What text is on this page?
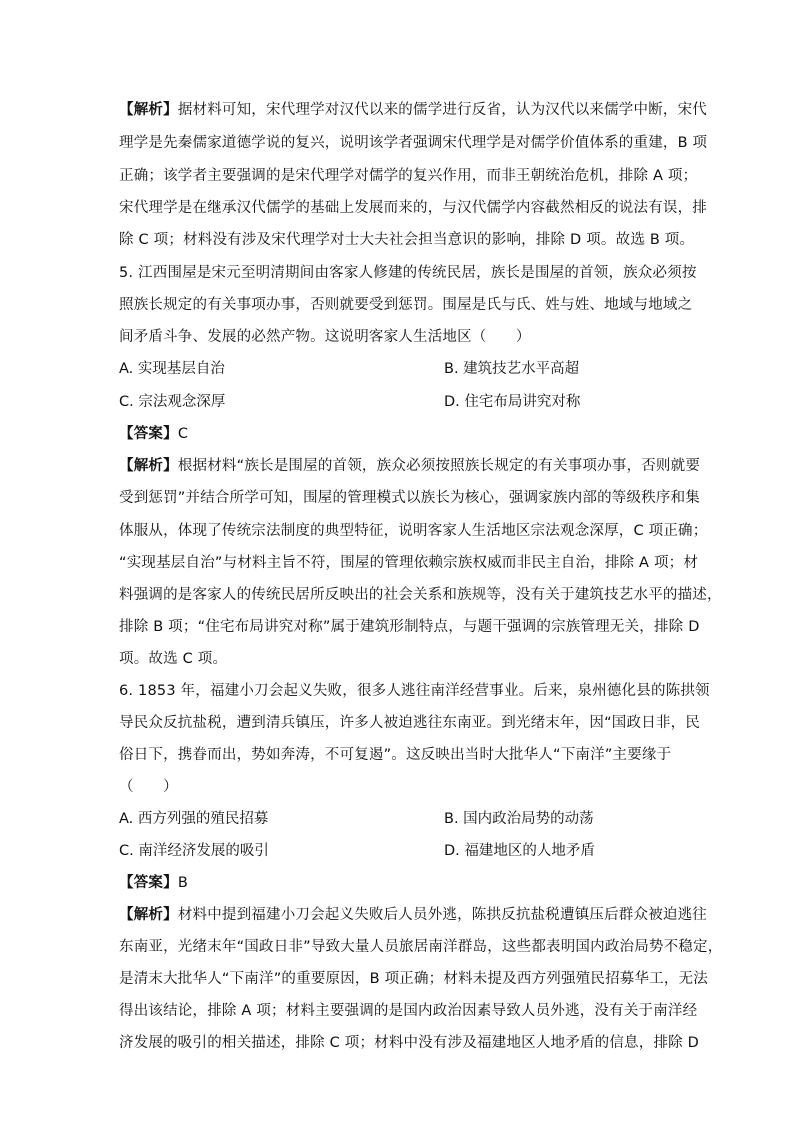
【解析】据材料可知，宋代理学对汉代以来的儒学进行反省，认为汉代以来儒学中断，宋代
理学是先秦儒家道德学说的复兴，说明该学者强调宋代理学是对儒学价值体系的重建，B 项
正确；该学者主要强调的是宋代理学对儒学的复兴作用，而非王朝统治危机，排除 A 项；
宋代理学是在继承汉代儒学的基础上发展而来的，与汉代儒学内容截然相反的说法有误，排
除 C 项；材料没有涉及宋代理学对士大夫社会担当意识的影响，排除 D 项。故选 B 项。
5. 江西围屋是宋元至明清期间由客家人修建的传统民居，族长是围屋的首领，族众必须按
照族长规定的有关事项办事，否则就要受到惩罚。围屋是氏与氏、姓与姓、地域与地域之
间矛盾斗争、发展的必然产物。这说明客家人生活地区（　　）
A. 实现基层自治	B. 建筑技艺水平高超
C. 宗法观念深厚	D. 住宅布局讲究对称
【答案】C
【解析】根据材料“族长是围屋的首领，族众必须按照族长规定的有关事项办事，否则就要
受到惩罚”并结合所学可知，围屋的管理模式以族长为核心，强调家族内部的等级秩序和集
体服从，体现了传统宗法制度的典型特征，说明客家人生活地区宗法观念深厚，C 项正确；
“实现基层自治”与材料主旨不符，围屋的管理依赖宗族权威而非民主自治，排除 A 项；材
料强调的是客家人的传统民居所反映出的社会关系和族规等，没有关于建筑技艺水平的描述，
排除 B 项；“住宅布局讲究对称”属于建筑形制特点，与题干强调的宗族管理无关，排除 D
项。故选 C 项。
6. 1853 年，福建小刀会起义失败，很多人逃往南洋经营事业。后来，泉州德化县的陈拱领
导民众反抗盐税，遭到清兵镇压，许多人被迫逃往东南亚。到光绪末年，因“国政日非，民
俗日下，携眷而出，势如奔涛，不可复遏”。这反映出当时大批华人“下南洋”主要缘于
（　　）
A. 西方列强的殖民招募	B. 国内政治局势的动荡
C. 南洋经济发展的吸引	D. 福建地区的人地矛盾
【答案】B
【解析】材料中提到福建小刀会起义失败后人员外逃，陈拱反抗盐税遭镇压后群众被迫逃往
东南亚，光绪末年“国政日非”导致大量人员旅居南洋群岛，这些都表明国内政治局势不稳定，
是清末大批华人“下南洋”的重要原因，B 项正确；材料未提及西方列强殖民招募华工，无法
得出该结论，排除 A 项；材料主要强调的是国内政治因素导致人员外逃，没有关于南洋经
济发展的吸引的相关描述，排除 C 项；材料中没有涉及福建地区人地矛盾的信息，排除 D
